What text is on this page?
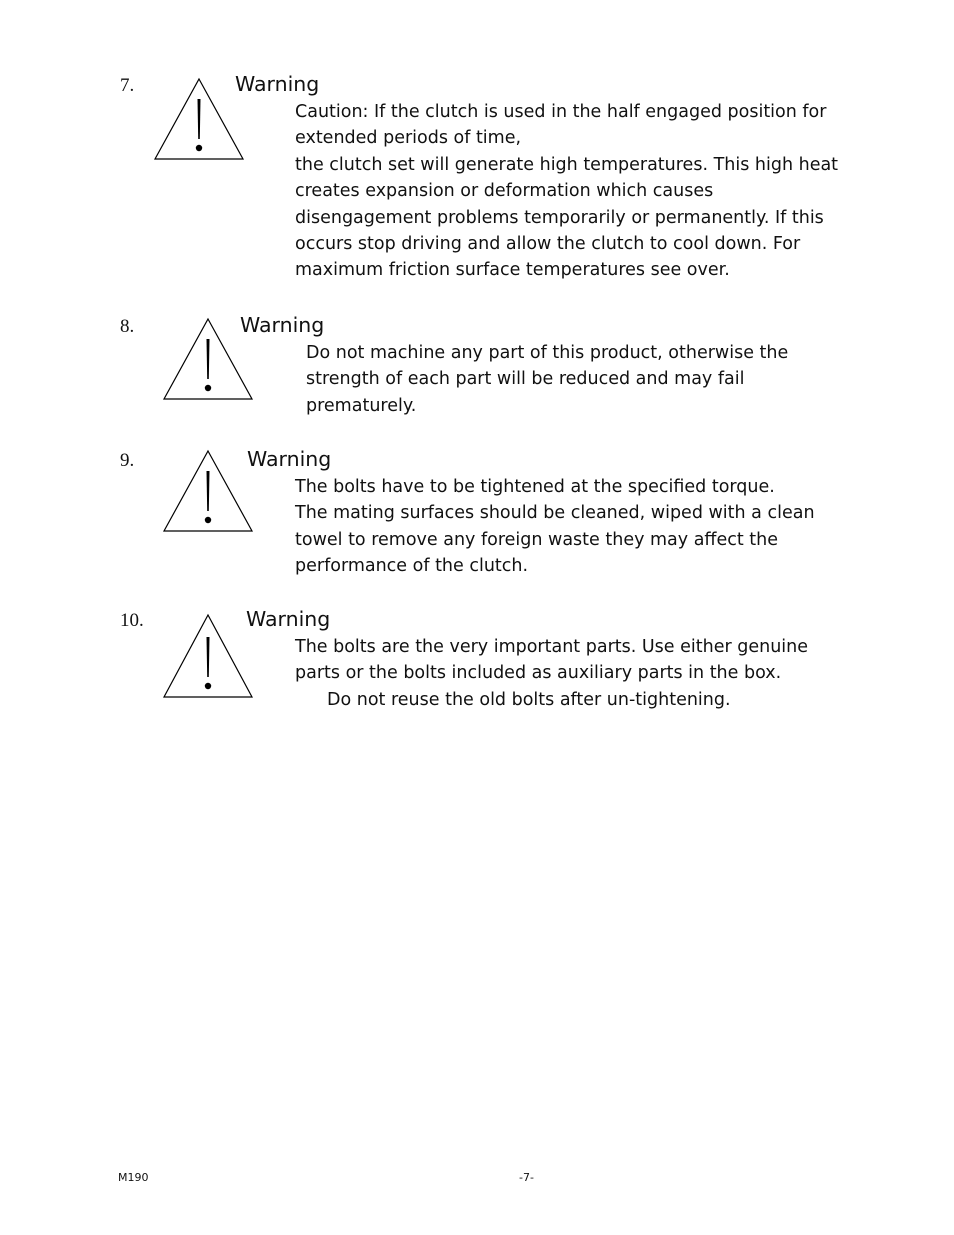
7.	Warning
Caution: If the clutch is used in the half engaged position for
extended periods of time,
the clutch set will generate high temperatures. This high heat
creates expansion or deformation which causes
disengagement problems temporarily or permanently. If this
occurs stop driving and allow the clutch to cool down. For
maximum friction surface temperatures see over.
8.	Warning
Do not machine any part of this product, otherwise the
strength of each part will be reduced and may fail
prematurely.
9.	Warning
The bolts have to be tightened at the specified torque.
The mating surfaces should be cleaned, wiped with a clean
towel to remove any foreign waste they may affect the
performance of the clutch.
10.	Warning
The bolts are the very important parts. Use either genuine
parts or the bolts included as auxiliary parts in the box.
Do not reuse the old bolts after un-tightening.
M190	-7-
